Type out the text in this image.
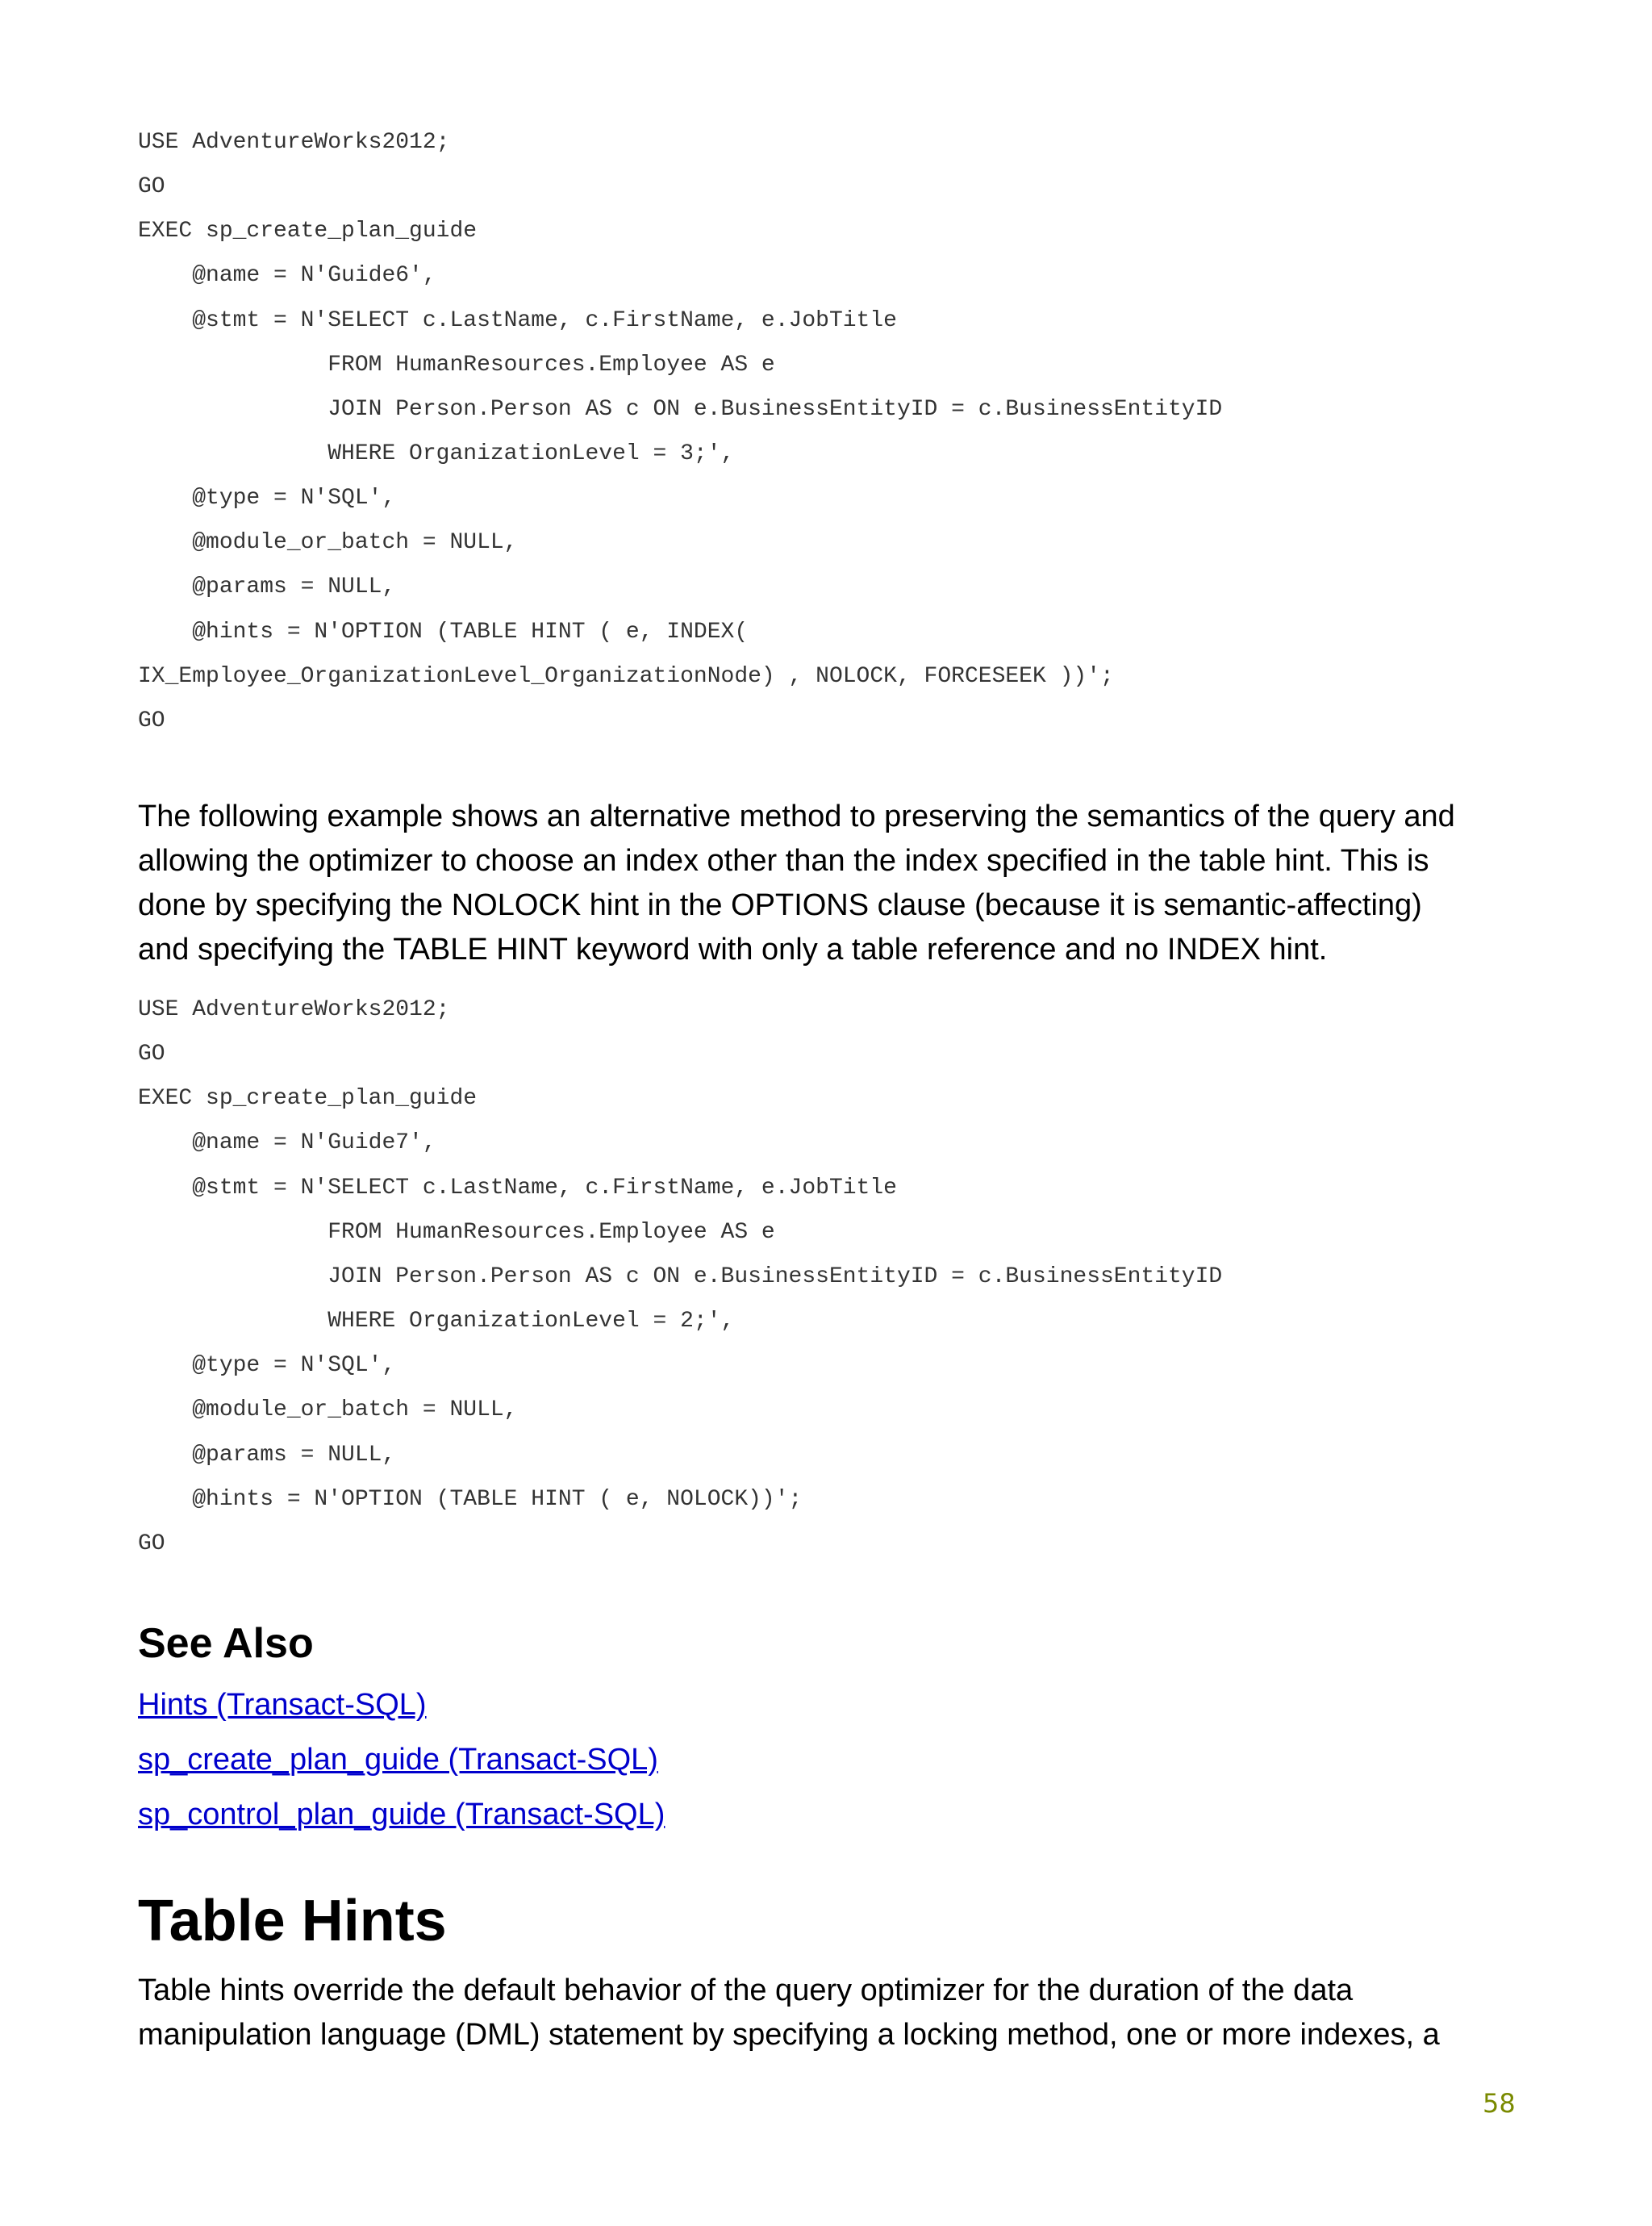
USE AdventureWorks2012;
GO
EXEC sp_create_plan_guide
@name = N'Guide6',
@stmt = N'SELECT c.LastName, c.FirstName, e.JobTitle
FROM HumanResources.Employee AS e
JOIN Person.Person AS c ON e.BusinessEntityID = c.BusinessEntityID
WHERE OrganizationLevel = 3;',
@type = N'SQL',
@module_or_batch = NULL,
@params = NULL,
@hints = N'OPTION (TABLE HINT ( e, INDEX(
IX_Employee_OrganizationLevel_OrganizationNode) , NOLOCK, FORCESEEK ))';
GO
The following example shows an alternative method to preserving the semantics of the query and
allowing the optimizer to choose an index other than the index specified in the table hint. This is
done by specifying the NOLOCK hint in the OPTIONS clause (because it is semantic-affecting)
and specifying the TABLE HINT keyword with only a table reference and no INDEX hint.
USE AdventureWorks2012;
GO
EXEC sp_create_plan_guide
@name = N'Guide7',
@stmt = N'SELECT c.LastName, c.FirstName, e.JobTitle
FROM HumanResources.Employee AS e
JOIN Person.Person AS c ON e.BusinessEntityID = c.BusinessEntityID
WHERE OrganizationLevel = 2;',
@type = N'SQL',
@module_or_batch = NULL,
@params = NULL,
@hints = N'OPTION (TABLE HINT ( e, NOLOCK))';
GO
See Also
Hints (Transact-SQL)
sp_create_plan_guide (Transact-SQL)
sp_control_plan_guide (Transact-SQL)
Table Hints
Table hints override the default behavior of the query optimizer for the duration of the data
manipulation language (DML) statement by specifying a locking method, one or more indexes, a
58
